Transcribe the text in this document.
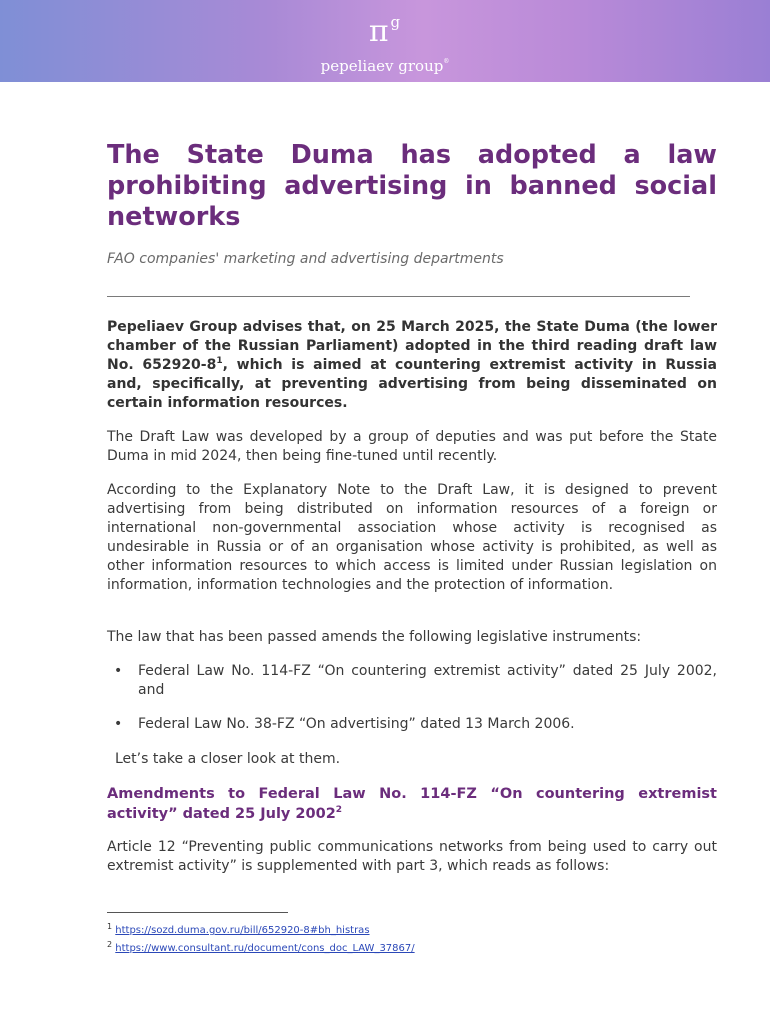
$\pi^g$
pepeliaev group®
The State Duma has adopted a law prohibiting advertising in banned social networks
FAO companies' marketing and advertising departments

Pepeliaev Group advises that, on 25 March 2025, the State Duma (the lower chamber of the Russian Parliament) adopted in the third reading draft law No. 652920-8$^1$, which is aimed at countering extremist activity in Russia and, specifically, at preventing advertising from being disseminated on certain information resources.

The Draft Law was developed by a group of deputies and was put before the State Duma in mid 2024, then being fine-tuned until recently.

According to the Explanatory Note to the Draft Law, it is designed to prevent advertising from being distributed on information resources of a foreign or international non-governmental association whose activity is recognised as undesirable in Russia or of an organisation whose activity is prohibited, as well as other information resources to which access is limited under Russian legislation on information, information technologies and the protection of information.

The law that has been passed amends the following legislative instruments:

• Federal Law No. 114-FZ “On countering extremist activity” dated 25 July 2002, and
• Federal Law No. 38-FZ “On advertising” dated 13 March 2006.

Let’s take a closer look at them.

Amendments to Federal Law No. 114-FZ “On countering extremist activity” dated 25 July 2002$^2$

Article 12 “Preventing public communications networks from being used to carry out extremist activity” is supplemented with part 3, which reads as follows:

$^1$ https://sozd.duma.gov.ru/bill/652920-8#bh_histras
$^2$ https://www.consultant.ru/document/cons_doc_LAW_37867/
